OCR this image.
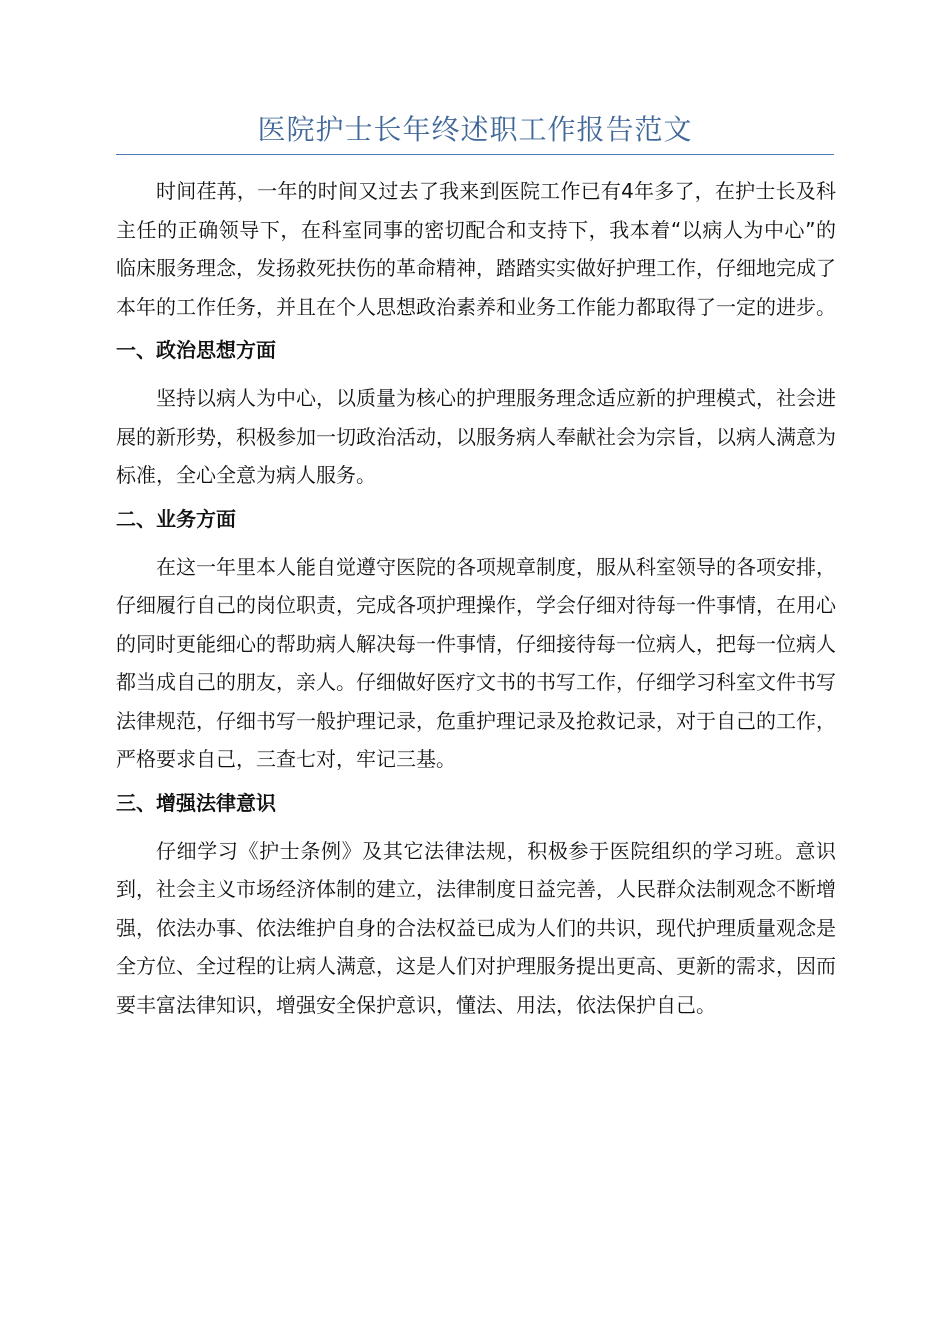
医院护士长年终述职工作报告范文

时间荏苒，一年的时间又过去了我来到医院工作已有4年多了，在护士长及科主任的正确领导下，在科室同事的密切配合和支持下，我本着“以病人为中心”的临床服务理念，发扬救死扶伤的革命精神，踏踏实实做好护理工作，仔细地完成了本年的工作任务，并且在个人思想政治素养和业务工作能力都取得了一定的进步。

一、政治思想方面

坚持以病人为中心，以质量为核心的护理服务理念适应新的护理模式，社会进展的新形势，积极参加一切政治活动，以服务病人奉献社会为宗旨，以病人满意为标准，全心全意为病人服务。

二、业务方面

在这一年里本人能自觉遵守医院的各项规章制度，服从科室领导的各项安排，仔细履行自己的岗位职责，完成各项护理操作，学会仔细对待每一件事情，在用心的同时更能细心的帮助病人解决每一件事情，仔细接待每一位病人，把每一位病人都当成自己的朋友，亲人。仔细做好医疗文书的书写工作，仔细学习科室文件书写法律规范，仔细书写一般护理记录，危重护理记录及抢救记录，对于自己的工作，严格要求自己，三查七对，牢记三基。

三、增强法律意识

仔细学习《护士条例》及其它法律法规，积极参于医院组织的学习班。意识到，社会主义市场经济体制的建立，法律制度日益完善，人民群众法制观念不断增强，依法办事、依法维护自身的合法权益已成为人们的共识，现代护理质量观念是全方位、全过程的让病人满意，这是人们对护理服务提出更高、更新的需求，因而要丰富法律知识，增强安全保护意识，懂法、用法，依法保护自己。
